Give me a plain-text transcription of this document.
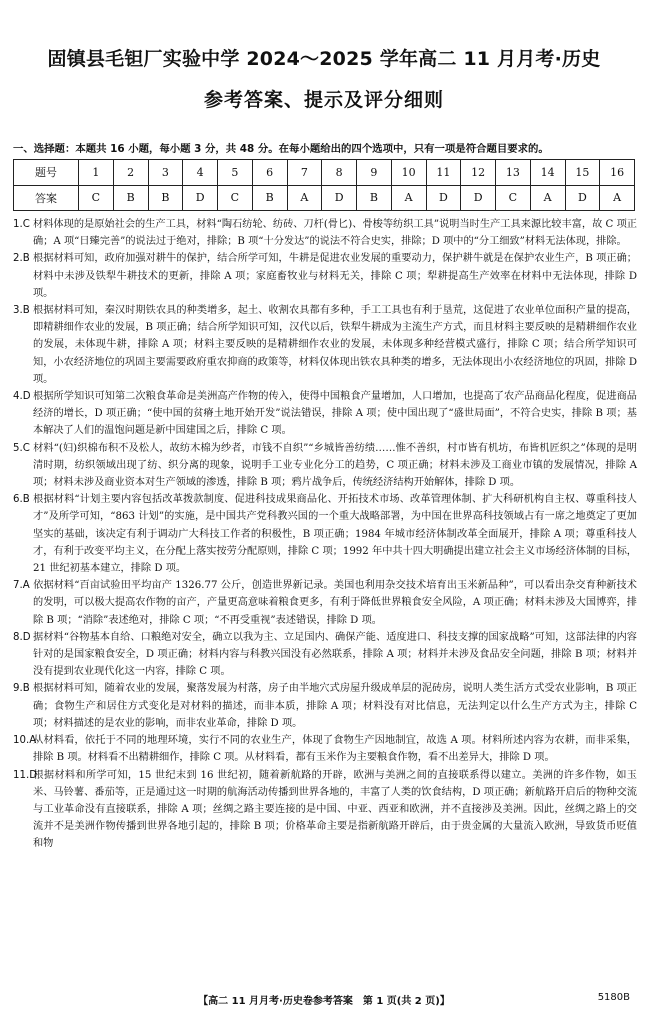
固镇县毛钽厂实验中学 2024～2025 学年高二 11 月月考·历史
参考答案、提示及评分细则
一、选择题：本题共 16 小题，每小题 3 分，共 48 分。在每小题给出的四个选项中，只有一项是符合题目要求的。
题号	1	2	3	4	5	6	7	8	9	10	11	12	13	14	15	16
答案	C	B	B	D	C	B	A	D	B	A	D	D	C	A	D	A

1.C 材料体现的是原始社会的生产工具，材料“陶石纺轮、纺砖、刀杆(骨匕)、骨梭等纺织工具”说明当时生产工具来源比较丰富，故 C 项正确；A 项“日臻完善”的说法过于绝对，排除；B 项“十分发达”的说法不符合史实，排除；D 项中的“分工细致”材料无法体现，排除。

2.B 根据材料可知，政府加强对耕牛的保护，结合所学可知，牛耕是促进农业发展的重要动力，保护耕牛就是在保护农业生产，B 项正确；材料中未涉及铁犁牛耕技术的更新，排除 A 项；家庭畜牧业与材料无关，排除 C 项；犁耕提高生产效率在材料中无法体现，排除 D 项。

3.B 根据材料可知，秦汉时期铁农具的种类增多，起土、收割农具都有多种，手工工具也有利于垦荒，这促进了农业单位面积产量的提高，即精耕细作农业的发展，B 项正确；结合所学知识可知，汉代以后，铁犁牛耕成为主流生产方式，而且材料主要反映的是精耕细作农业的发展，未体现牛耕，排除 A 项；材料主要反映的是精耕细作农业的发展，未体现多种经营模式盛行，排除 C 项；结合所学知识可知，小农经济地位的巩固主要需要政府重农抑商的政策等，材料仅体现出铁农具种类的增多，无法体现出小农经济地位的巩固，排除 D 项。

4.D 根据所学知识可知第二次粮食革命是美洲高产作物的传入，使得中国粮食产量增加，人口增加，也提高了农产品商品化程度，促进商品经济的增长，D 项正确；“使中国的贫瘠土地开始开发”说法错误，排除 A 项；使中国出现了“盛世局面”，不符合史实，排除 B 项；基本解决了人们的温饱问题是新中国建国之后，排除 C 项。

5.C 材料“(妇)织棉布积不及松人，故纺木棉为纱者，市钱不自织”“乡城皆善纺绩……惟不善织，村市皆有机坊，布皆机匠织之”体现的是明清时期，纺织领域出现了纺、织分离的现象，说明手工业专业化分工的趋势，C 项正确；材料未涉及工商业市镇的发展情况，排除 A 项；材料未涉及商业资本对生产领域的渗透，排除 B 项；鸦片战争后，传统经济结构开始解体，排除 D 项。

6.B 根据材料“计划主要内容包括改革拨款制度、促进科技成果商品化、开拓技术市场、改革管理体制、扩大科研机构自主权、尊重科技人才”及所学可知，“863 计划”的实施，是中国共产党科教兴国的一个重大战略部署，为中国在世界高科技领域占有一席之地奠定了更加坚实的基础，该决定有利于调动广大科技工作者的积极性，B 项正确；1984 年城市经济体制改革全面展开，排除 A 项；尊重科技人才，有利于改变平均主义，在分配上落实按劳分配原则，排除 C 项；1992 年中共十四大明确提出建立社会主义市场经济体制的目标，21 世纪初基本建立，排除 D 项。

7.A 依据材料“百亩试验田平均亩产 1326.77 公斤，创造世界新记录。美国也利用杂交技术培育出玉米新品种”，可以看出杂交育种新技术的发明，可以极大提高农作物的亩产，产量更高意味着粮食更多，有利于降低世界粮食安全风险，A 项正确；材料未涉及大国博弈，排除 B 项；“消除”表述绝对，排除 C 项；“不再受重视”表述错误，排除 D 项。

8.D 据材料“谷物基本自给、口粮绝对安全，确立以我为主、立足国内、确保产能、适度进口、科技支撑的国家战略”可知，这部法律的内容针对的是国家粮食安全，D 项正确；材料内容与科教兴国没有必然联系，排除 A 项；材料并未涉及食品安全问题，排除 B 项；材料并没有提到农业现代化这一内容，排除 C 项。

9.B 根据材料可知，随着农业的发展，聚落发展为村落，房子由半地穴式房屋升级成单层的泥砖房，说明人类生活方式受农业影响，B 项正确；食物生产和居住方式变化是对材料的描述，而非本质，排除 A 项；材料没有对比信息，无法判定以什么生产方式为主，排除 C 项；材料描述的是农业的影响，而非农业革命，排除 D 项。

10.A从材料看，依托于不同的地理环境，实行不同的农业生产，体现了食物生产因地制宜，故选 A 项。材料所述内容为农耕，而非采集，排除 B 项。材料看不出精耕细作，排除 C 项。从材料看，都有玉米作为主要粮食作物，看不出差异大，排除 D 项。

11.D根据材料和所学可知，15 世纪末到 16 世纪初，随着新航路的开辟，欧洲与美洲之间的直接联系得以建立。美洲的许多作物，如玉米、马铃薯、番茄等，正是通过这一时期的航海活动传播到世界各地的，丰富了人类的饮食结构，D 项正确；新航路开启后的物种交流与工业革命没有直接联系，排除 A 项；丝绸之路主要连接的是中国、中亚、西亚和欧洲，并不直接涉及美洲。因此，丝绸之路上的交流并不是美洲作物传播到世界各地引起的，排除 B 项；价格革命主要是指新航路开辟后，由于贵金属的大量流入欧洲，导致货币贬值和物

【高二 11 月月考·历史卷参考答案　第 1 页(共 2 页)】	5180B
